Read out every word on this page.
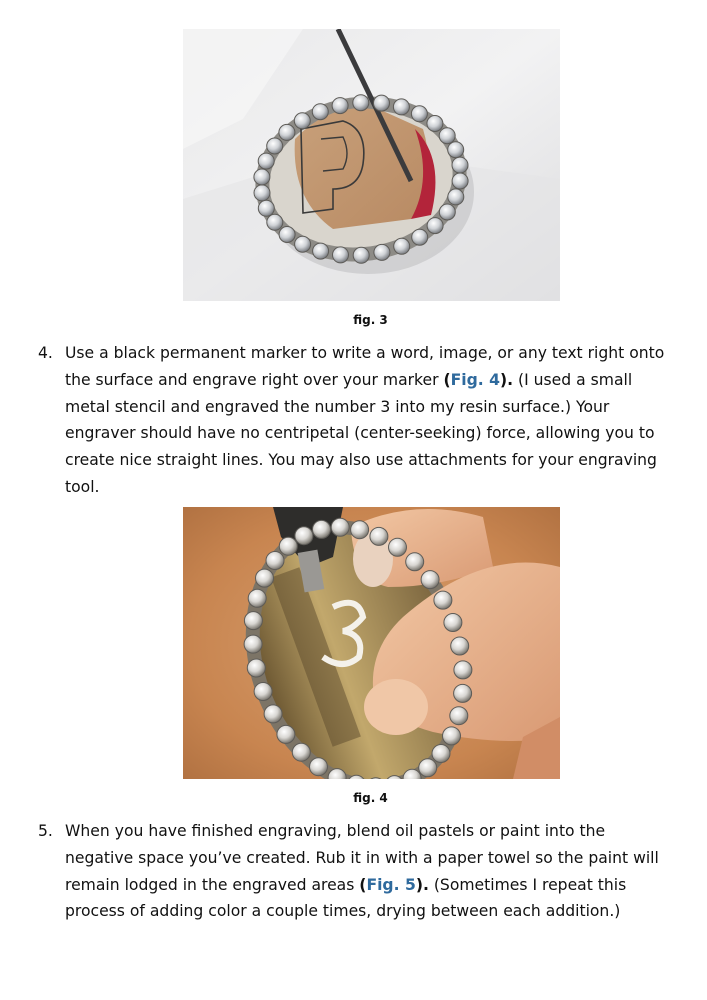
fig. 3
4. Use a black permanent marker to write a word, image, or any text right onto the surface and engrave right over your marker (Fig. 4). (I used a small metal stencil and engraved the number 3 into my resin surface.) Your engraver should have no centripetal (center-seeking) force, allowing you to create nice straight lines. You may also use attachments for your engraving tool.
fig. 4
5. When you have finished engraving, blend oil pastels or paint into the negative space you’ve created. Rub it in with a paper towel so the paint will remain lodged in the engraved areas (Fig. 5). (Sometimes I repeat this process of adding color a couple times, drying between each addition.)
